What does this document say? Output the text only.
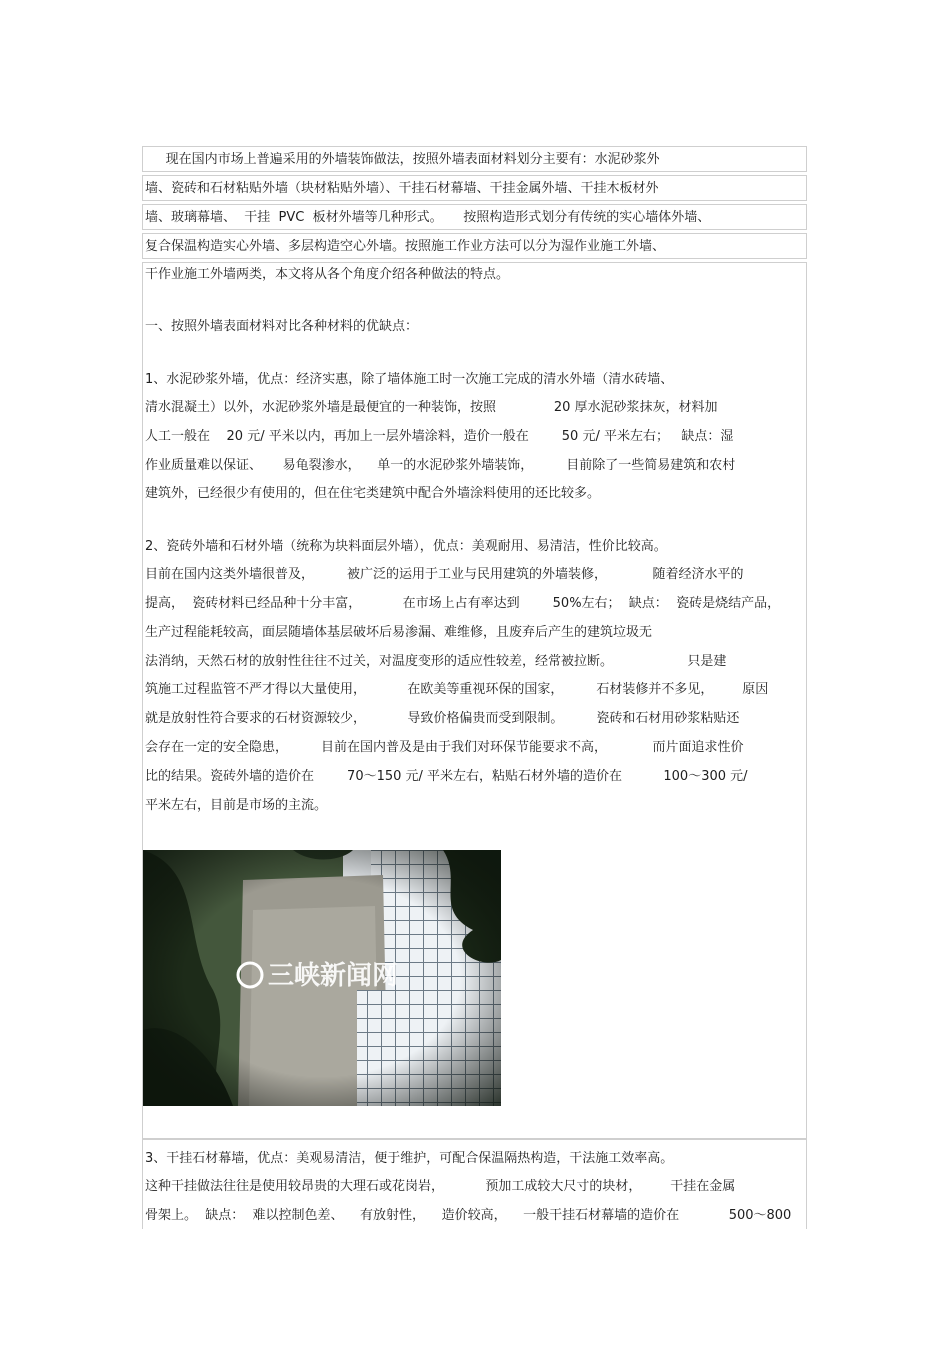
现在国内市场上普遍采用的外墙装饰做法，按照外墙表面材料划分主要有：水泥砂浆外
墙、瓷砖和石材粘贴外墙（块材粘贴外墙）、干挂石材幕墙、干挂金属外墙、干挂木板材外
墙、玻璃幕墙、  干挂  PVC  板材外墙等几种形式。     按照构造形式划分有传统的实心墙体外墙、
复合保温构造实心外墙、多层构造空心外墙。按照施工作业方法可以分为湿作业施工外墙、
干作业施工外墙两类，本文将从各个角度介绍各种做法的特点。
一、按照外墙表面材料对比各种材料的优缺点：
1、水泥砂浆外墙，优点：经济实惠，除了墙体施工时一次施工完成的清水外墙（清水砖墙、
清水混凝土）以外，水泥砂浆外墙是最便宜的一种装饰，按照              20 厚水泥砂浆抹灰，材料加
人工一般在    20 元/ 平米以内，再加上一层外墙涂料，造价一般在        50 元/ 平米左右；   缺点：湿
作业质量难以保证、     易龟裂渗水，    单一的水泥砂浆外墙装饰，        目前除了一些简易建筑和农村
建筑外，已经很少有使用的，但在住宅类建筑中配合外墙涂料使用的还比较多。
2、瓷砖外墙和石材外墙（统称为块料面层外墙），优点：美观耐用、易清洁，性价比较高。
目前在国内这类外墙很普及，        被广泛的运用于工业与民用建筑的外墙装修，           随着经济水平的
提高，  瓷砖材料已经品种十分丰富，          在市场上占有率达到        50%左右；  缺点：  瓷砖是烧结产品，
生产过程能耗较高，面层随墙体基层破坏后易渗漏、难维修，且废弃后产生的建筑垃圾无
法消纳，天然石材的放射性往往不过关，对温度变形的适应性较差，经常被拉断。                  只是建
筑施工过程监管不严才得以大量使用，          在欧美等重视环保的国家，        石材装修并不多见，       原因
就是放射性符合要求的石材资源较少，          导致价格偏贵而受到限制。        瓷砖和石材用砂浆粘贴还
会存在一定的安全隐患，        目前在国内普及是由于我们对环保节能要求不高，           而片面追求性价
比的结果。瓷砖外墙的造价在        70～150 元/ 平米左右，粘贴石材外墙的造价在          100～300 元/
平米左右，目前是市场的主流。
3、干挂石材幕墙，优点：美观易清洁，便于维护，可配合保温隔热构造，干法施工效率高。
这种干挂做法往往是使用较昂贵的大理石或花岗岩，          预加工成较大尺寸的块材，       干挂在金属
骨架上。  缺点：  难以控制色差、    有放射性，    造价较高，    一般干挂石材幕墙的造价在            500～800
